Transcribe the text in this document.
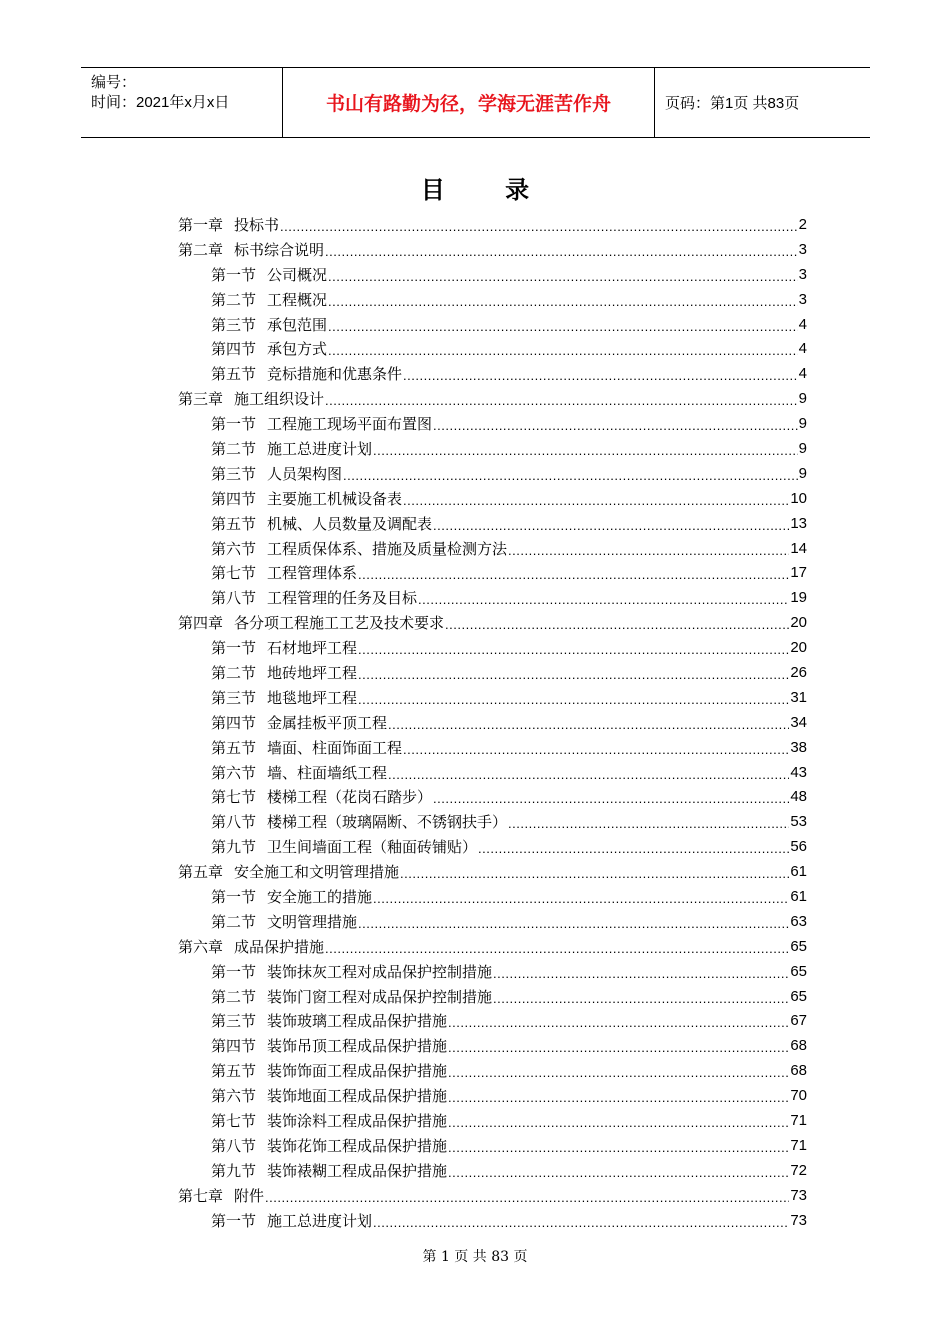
编号：
时间：2021年x月x日	书山有路勤为径，学海无涯苦作舟	页码：第1页 共83页
目 录
第一章 投标书 .....	2
第二章 标书综合说明 .....	3
第一节 公司概况 .....	3
第二节 工程概况 .....	3
第三节 承包范围 .....	4
第四节 承包方式 .....	4
第五节 竞标措施和优惠条件 .....	4
第三章 施工组织设计 .....	9
第一节 工程施工现场平面布置图 .....	9
第二节 施工总进度计划 .....	9
第三节 人员架构图 .....	9
第四节 主要施工机械设备表 .....	10
第五节 机械、人员数量及调配表 .....	13
第六节 工程质保体系、措施及质量检测方法 .....	14
第七节 工程管理体系 .....	17
第八节 工程管理的任务及目标 .....	19
第四章 各分项工程施工工艺及技术要求 .....	20
第一节 石材地坪工程 .....	20
第二节 地砖地坪工程 .....	26
第三节 地毯地坪工程 .....	31
第四节 金属挂板平顶工程 .....	34
第五节 墙面、柱面饰面工程 .....	38
第六节 墙、柱面墙纸工程 .....	43
第七节 楼梯工程（花岗石踏步） .....	48
第八节 楼梯工程（玻璃隔断、不锈钢扶手） .....	53
第九节 卫生间墙面工程（釉面砖铺贴） .....	56
第五章 安全施工和文明管理措施 .....	61
第一节 安全施工的措施 .....	61
第二节 文明管理措施 .....	63
第六章 成品保护措施 .....	65
第一节 装饰抹灰工程对成品保护控制措施 .....	65
第二节 装饰门窗工程对成品保护控制措施 .....	65
第三节 装饰玻璃工程成品保护措施 .....	67
第四节 装饰吊顶工程成品保护措施 .....	68
第五节 装饰饰面工程成品保护措施 .....	68
第六节 装饰地面工程成品保护措施 .....	70
第七节 装饰涂料工程成品保护措施 .....	71
第八节 装饰花饰工程成品保护措施 .....	71
第九节 装饰裱糊工程成品保护措施 .....	72
第七章 附件 .....	73
第一节 施工总进度计划 .....	73
第 1 页 共 83 页
